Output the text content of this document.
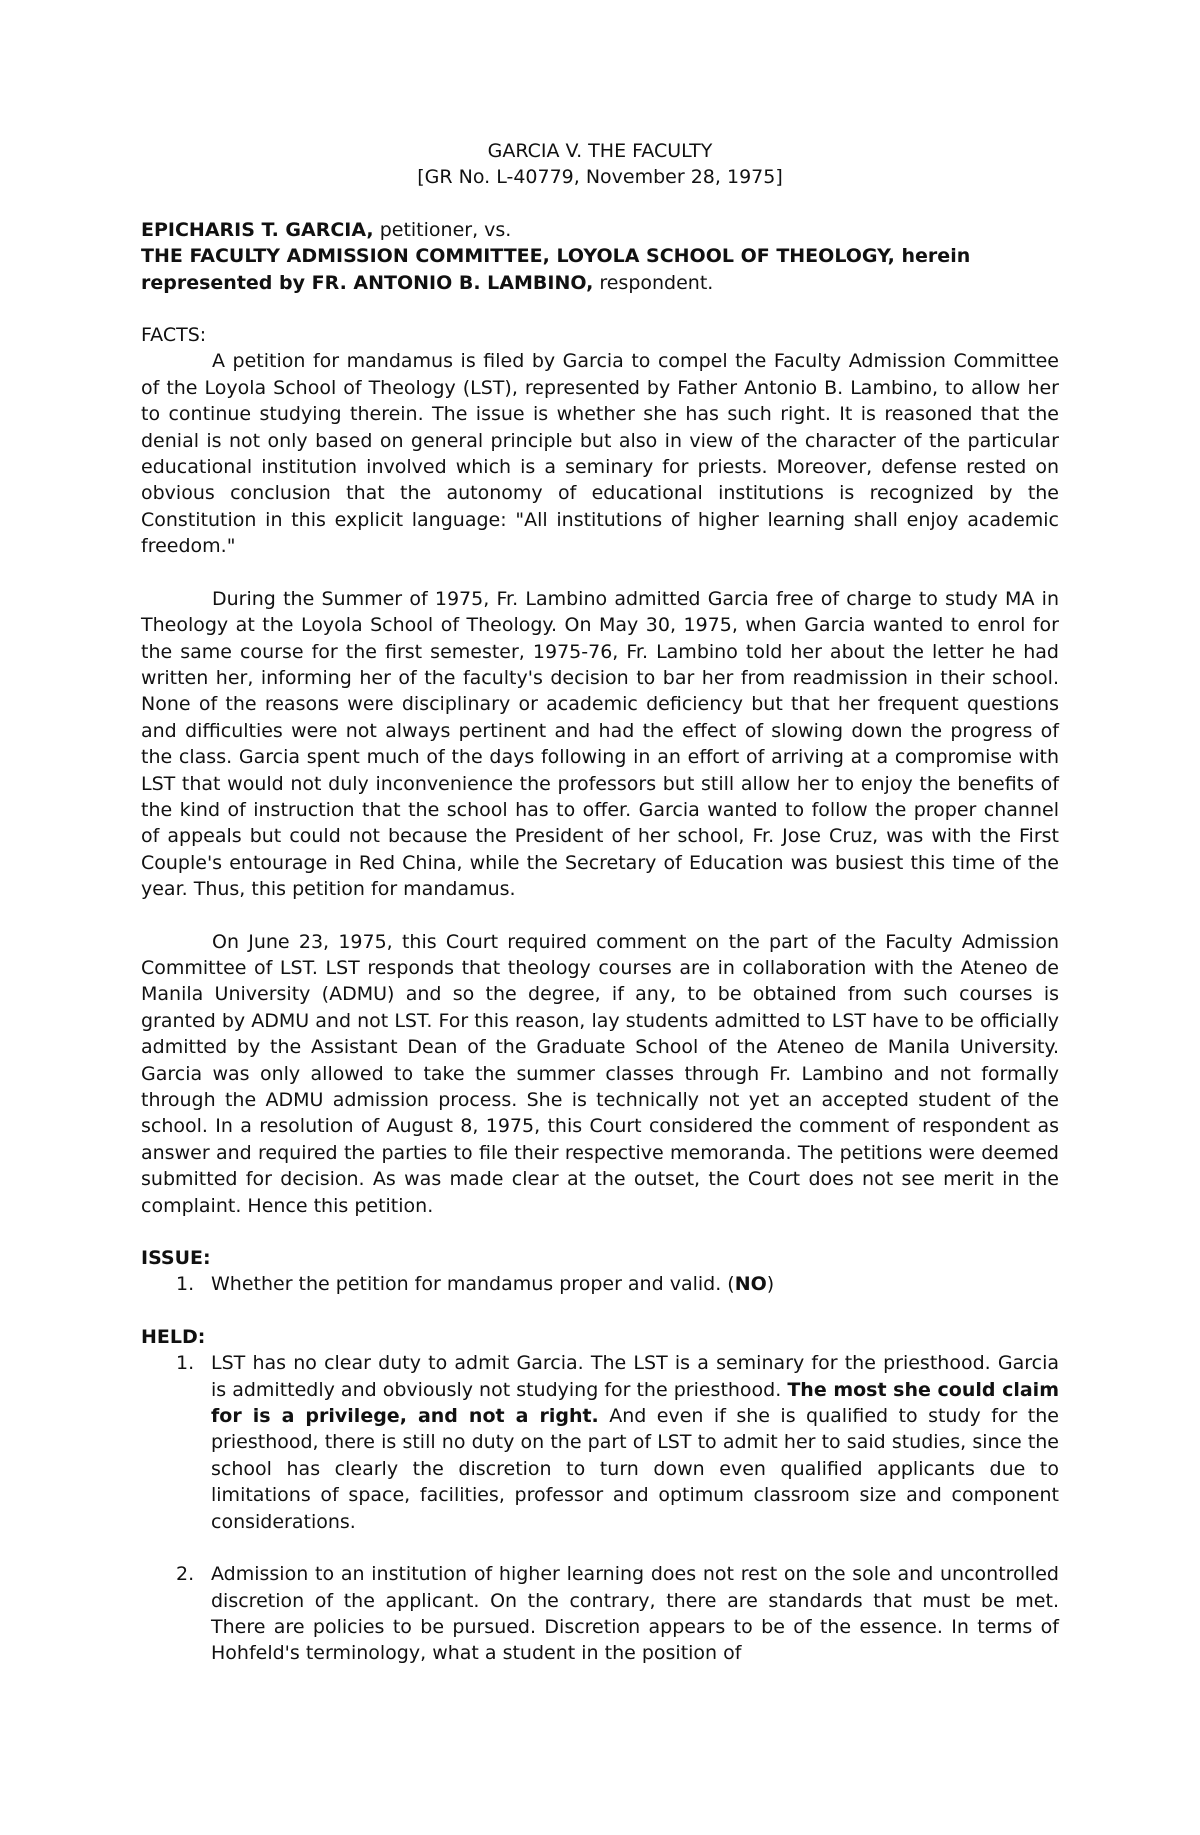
GARCIA V. THE FACULTY
[GR No. L-40779, November 28, 1975]

EPICHARIS T. GARCIA, petitioner, vs.

THE FACULTY ADMISSION COMMITTEE, LOYOLA SCHOOL OF THEOLOGY, herein represented by FR. ANTONIO B. LAMBINO, respondent.

FACTS:

A petition for mandamus is filed by Garcia to compel the Faculty Admission Committee of the Loyola School of Theology (LST), represented by Father Antonio B. Lambino, to allow her to continue studying therein. The issue is whether she has such right. It is reasoned that the denial is not only based on general principle but also in view of the character of the particular educational institution involved which is a seminary for priests. Moreover, defense rested on obvious conclusion that the autonomy of educational institutions is recognized by the Constitution in this explicit language: "All institutions of higher learning shall enjoy academic freedom."

During the Summer of 1975, Fr. Lambino admitted Garcia free of charge to study MA in Theology at the Loyola School of Theology. On May 30, 1975, when Garcia wanted to enrol for the same course for the first semester, 1975-76, Fr. Lambino told her about the letter he had written her, informing her of the faculty's decision to bar her from readmission in their school. None of the reasons were disciplinary or academic deficiency but that her frequent questions and difficulties were not always pertinent and had the effect of slowing down the progress of the class. Garcia spent much of the days following in an effort of arriving at a compromise with LST that would not duly inconvenience the professors but still allow her to enjoy the benefits of the kind of instruction that the school has to offer. Garcia wanted to follow the proper channel of appeals but could not because the President of her school, Fr. Jose Cruz, was with the First Couple's entourage in Red China, while the Secretary of Education was busiest this time of the year. Thus, this petition for mandamus.

On June 23, 1975, this Court required comment on the part of the Faculty Admission Committee of LST. LST responds that theology courses are in collaboration with the Ateneo de Manila University (ADMU) and so the degree, if any, to be obtained from such courses is granted by ADMU and not LST. For this reason, lay students admitted to LST have to be officially admitted by the Assistant Dean of the Graduate School of the Ateneo de Manila University. Garcia was only allowed to take the summer classes through Fr. Lambino and not formally through the ADMU admission process. She is technically not yet an accepted student of the school. In a resolution of August 8, 1975, this Court considered the comment of respondent as answer and required the parties to file their respective memoranda. The petitions were deemed submitted for decision. As was made clear at the outset, the Court does not see merit in the complaint. Hence this petition.

ISSUE:

1. Whether the petition for mandamus proper and valid. (NO)

HELD:

1. LST has no clear duty to admit Garcia. The LST is a seminary for the priesthood. Garcia is admittedly and obviously not studying for the priesthood. The most she could claim for is a privilege, and not a right. And even if she is qualified to study for the priesthood, there is still no duty on the part of LST to admit her to said studies, since the school has clearly the discretion to turn down even qualified applicants due to limitations of space, facilities, professor and optimum classroom size and component considerations.
2. Admission to an institution of higher learning does not rest on the sole and uncontrolled discretion of the applicant. On the contrary, there are standards that must be met. There are policies to be pursued. Discretion appears to be of the essence. In terms of Hohfeld's terminology, what a student in the position of
